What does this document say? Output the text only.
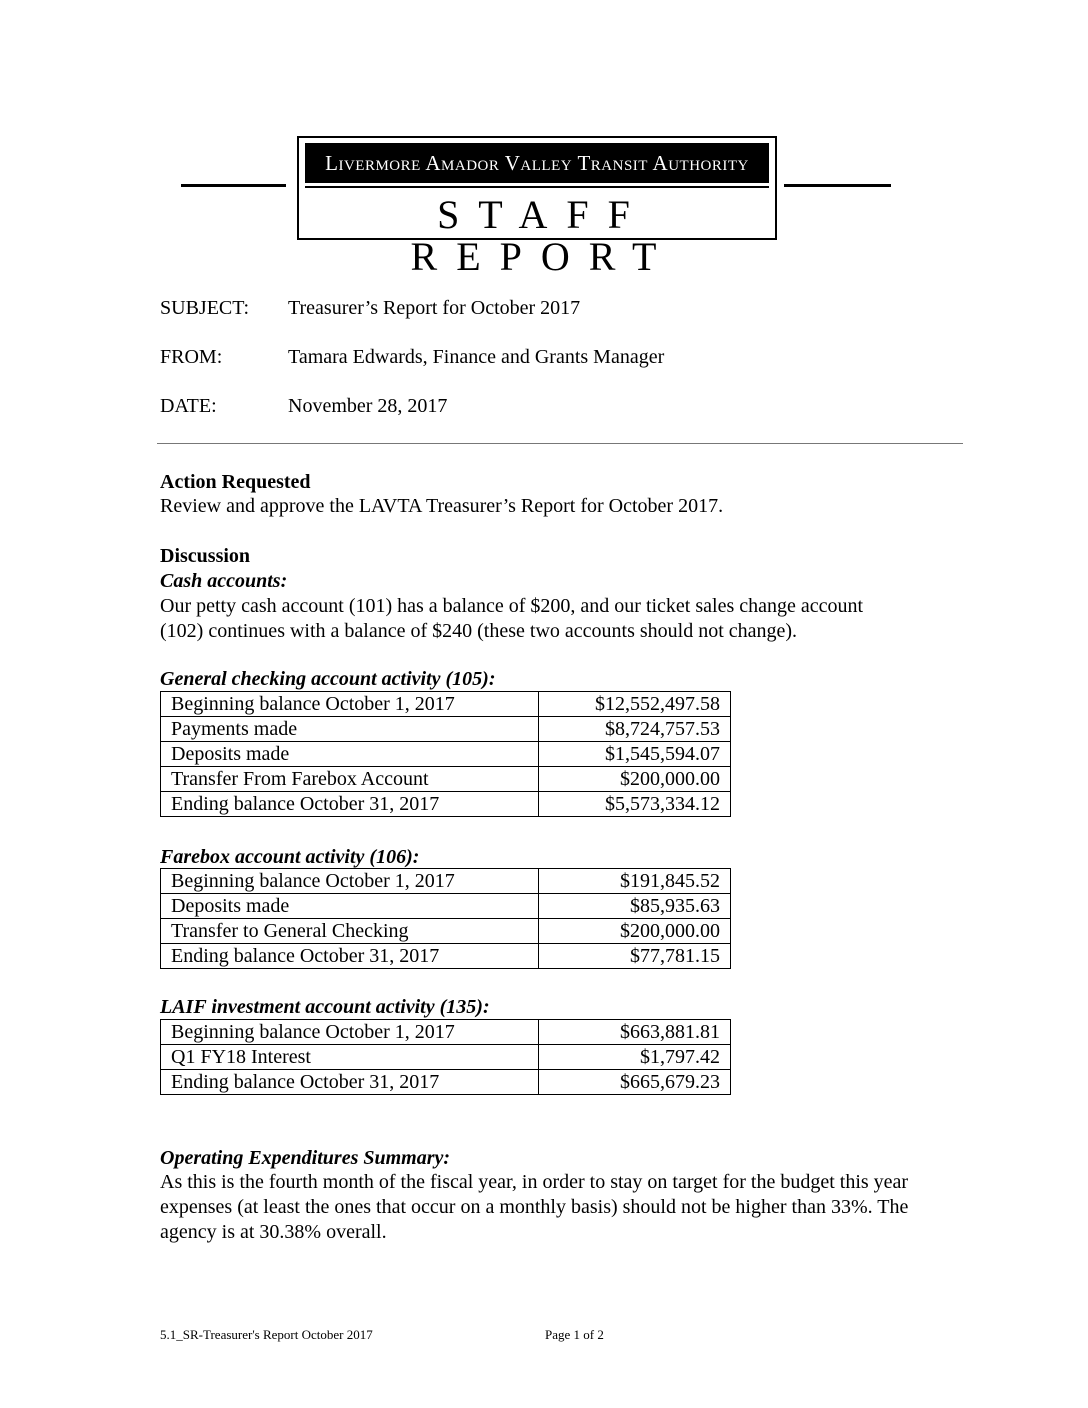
Livermore Amador Valley Transit Authority
STAFF REPORT
SUBJECT: Treasurer’s Report for October 2017
FROM:	Tamara Edwards, Finance and Grants Manager
DATE:	November 28, 2017
Action Requested
Review and approve the LAVTA Treasurer’s Report for October 2017.
Discussion
Cash accounts:
Our petty cash account (101) has a balance of $200, and our ticket sales change account
(102) continues with a balance of $240 (these two accounts should not change).
General checking account activity (105):
Beginning balance October 1, 2017	$12,552,497.58
Payments made	$8,724,757.53
Deposits made	$1,545,594.07
Transfer From Farebox Account	$200,000.00
Ending balance October 31, 2017	$5,573,334.12
Farebox account activity (106):
Beginning balance October 1, 2017	$191,845.52
Deposits made	$85,935.63
Transfer to General Checking	$200,000.00
Ending balance October 31, 2017	$77,781.15
LAIF investment account activity (135):
Beginning balance October 1, 2017	$663,881.81
Q1 FY18 Interest	$1,797.42
Ending balance October 31, 2017	$665,679.23
Operating Expenditures Summary:
As this is the fourth month of the fiscal year, in order to stay on target for the budget this year
expenses (at least the ones that occur on a monthly basis) should not be higher than 33%. The
agency is at 30.38% overall.
5.1_SR-Treasurer's Report October 2017	Page 1 of 2
